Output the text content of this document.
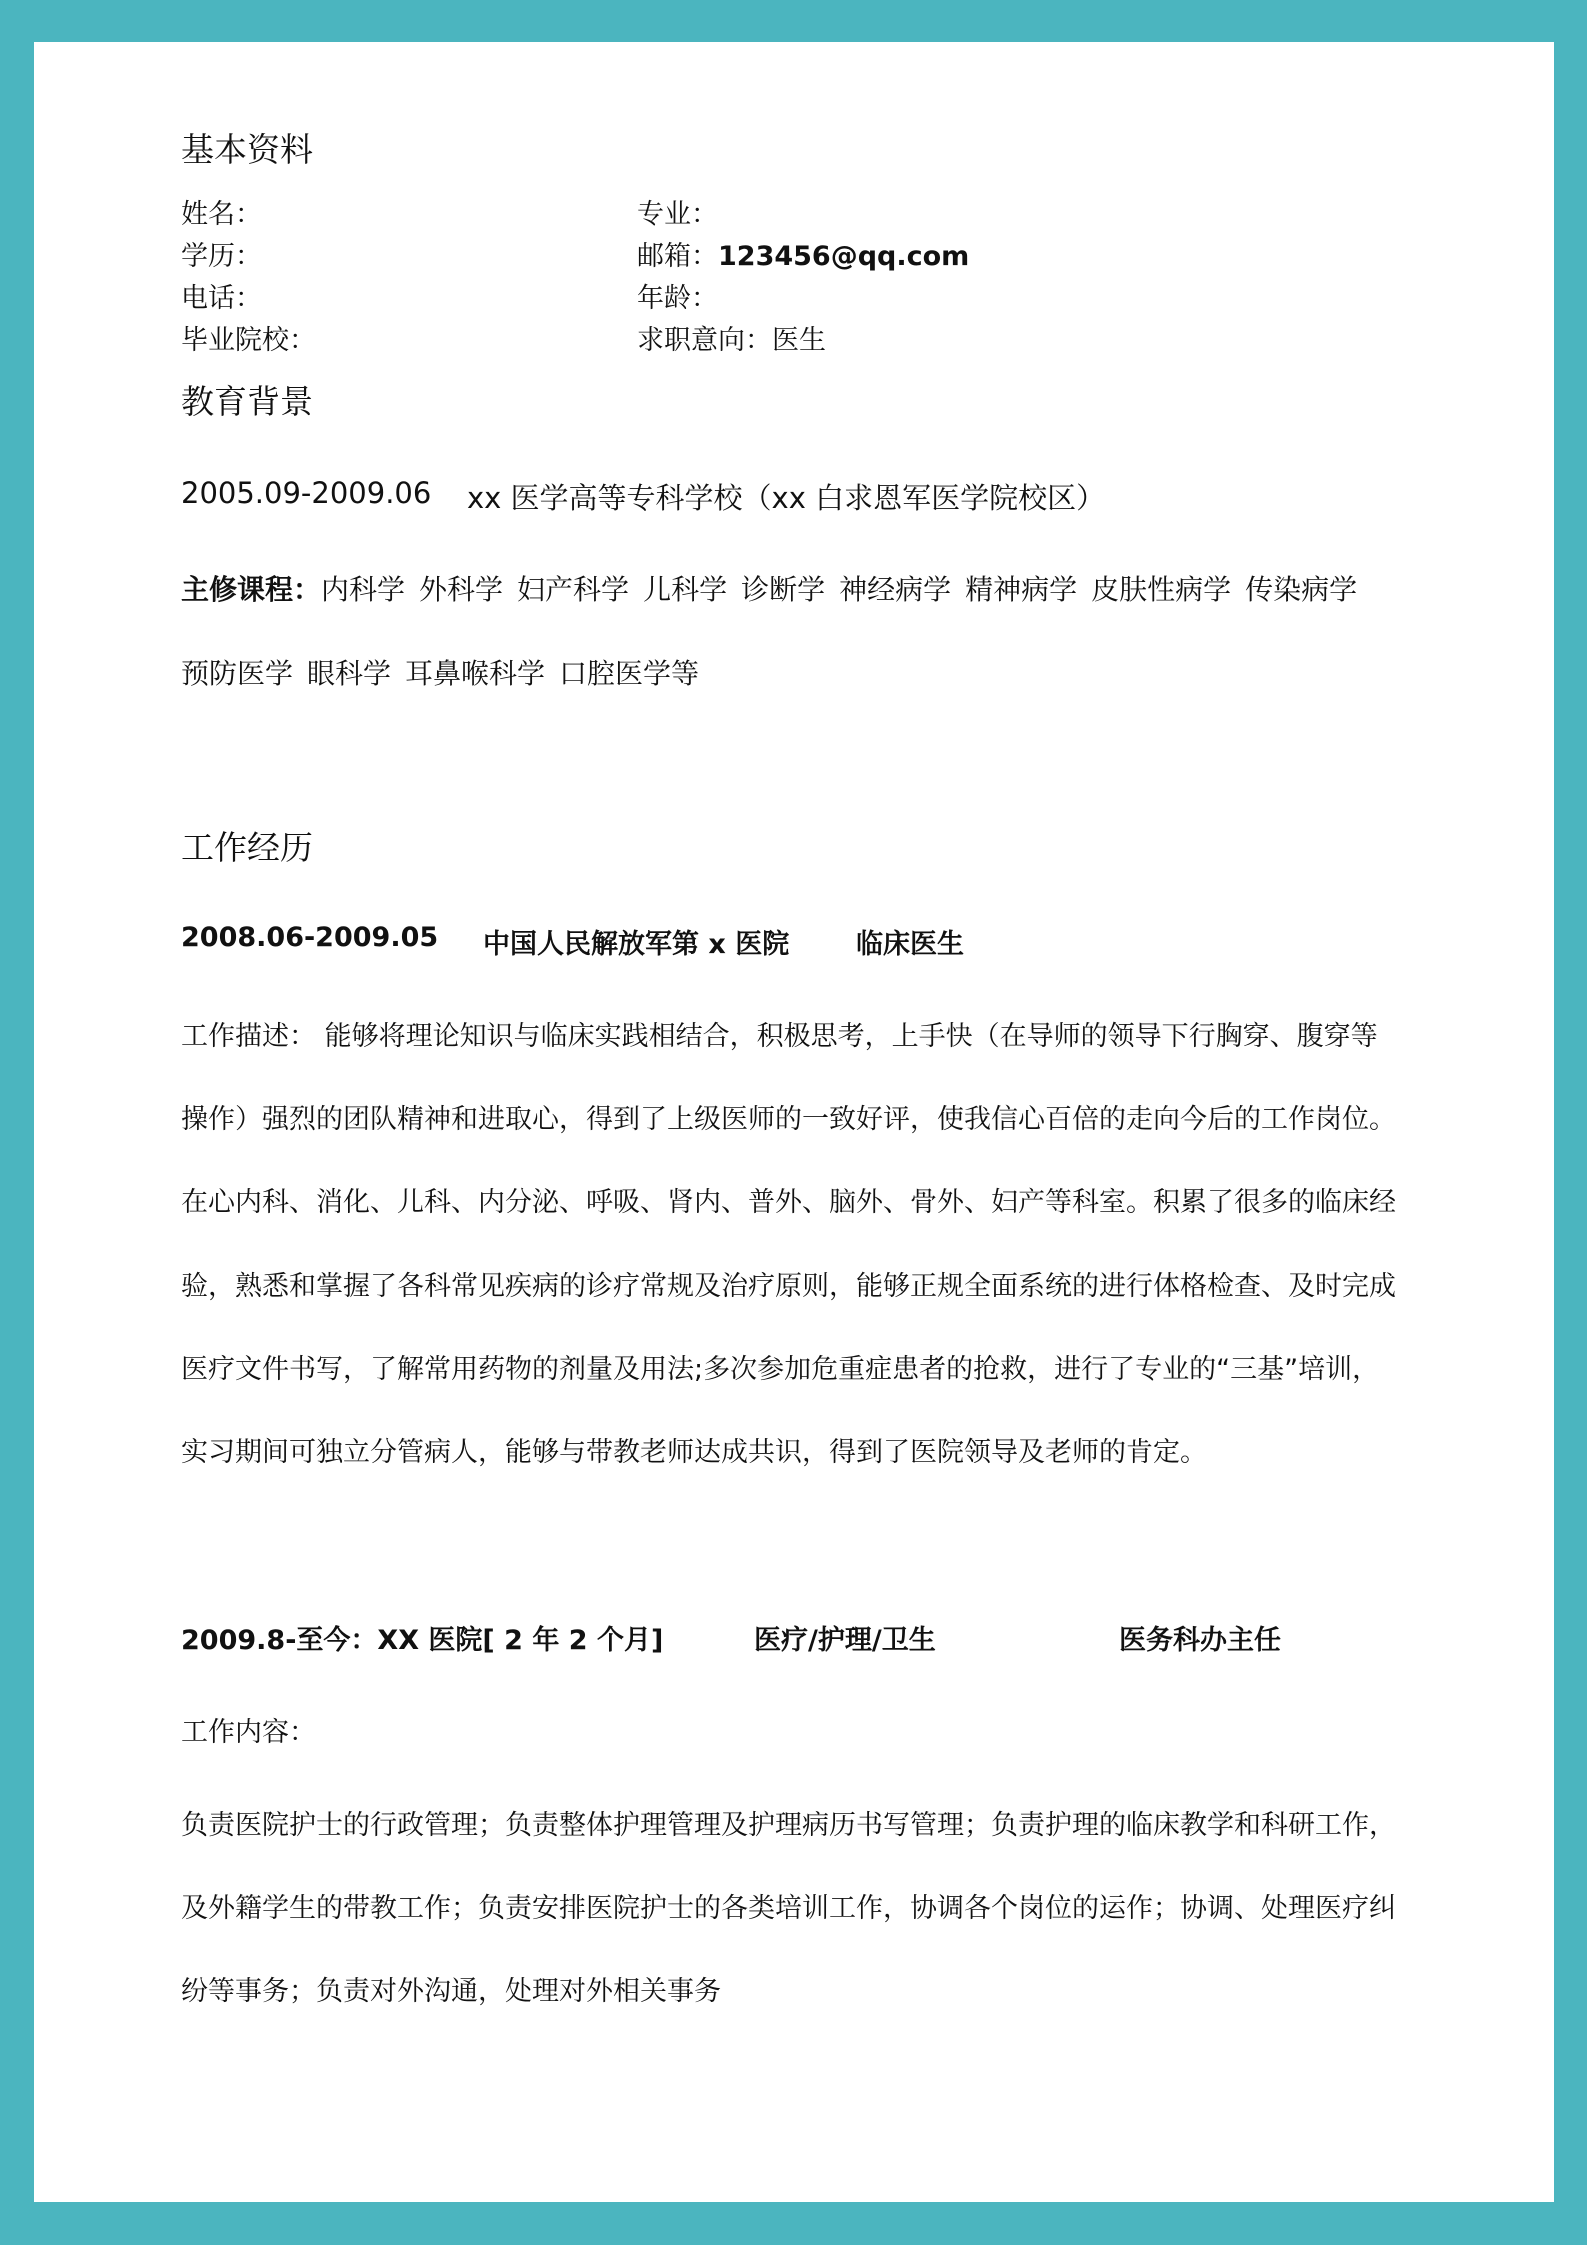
基本资料
姓名：
学历：
电话：
毕业院校：
专业：
邮箱：123456@qq.com
年龄：
求职意向：医生
教育背景
2005.09-2009.06 xx 医学高等专科学校（xx 白求恩军医学院校区）
主修课程：内科学 外科学 妇产科学 儿科学 诊断学 神经病学 精神病学 皮肤性病学 传染病学
预防医学 眼科学 耳鼻喉科学 口腔医学等
工作经历
2008.06-2009.05 中国人民解放军第 x 医院 临床医生
工作描述： 能够将理论知识与临床实践相结合，积极思考，上手快（在导师的领导下行胸穿、腹穿等
操作）强烈的团队精神和进取心，得到了上级医师的一致好评，使我信心百倍的走向今后的工作岗位。
在心内科、消化、儿科、内分泌、呼吸、肾内、普外、脑外、骨外、妇产等科室。积累了很多的临床经
验，熟悉和掌握了各科常见疾病的诊疗常规及治疗原则，能够正规全面系统的进行体格检查、及时完成
医疗文件书写，了解常用药物的剂量及用法;多次参加危重症患者的抢救，进行了专业的“三基”培训，
实习期间可独立分管病人，能够与带教老师达成共识，得到了医院领导及老师的肯定。
2009.8-至今：XX 医院[ 2 年 2 个月]	医疗/护理/卫生	医务科办主任
工作内容：
负责医院护士的行政管理；负责整体护理管理及护理病历书写管理；负责护理的临床教学和科研工作，
及外籍学生的带教工作；负责安排医院护士的各类培训工作，协调各个岗位的运作；协调、处理医疗纠
纷等事务；负责对外沟通，处理对外相关事务
